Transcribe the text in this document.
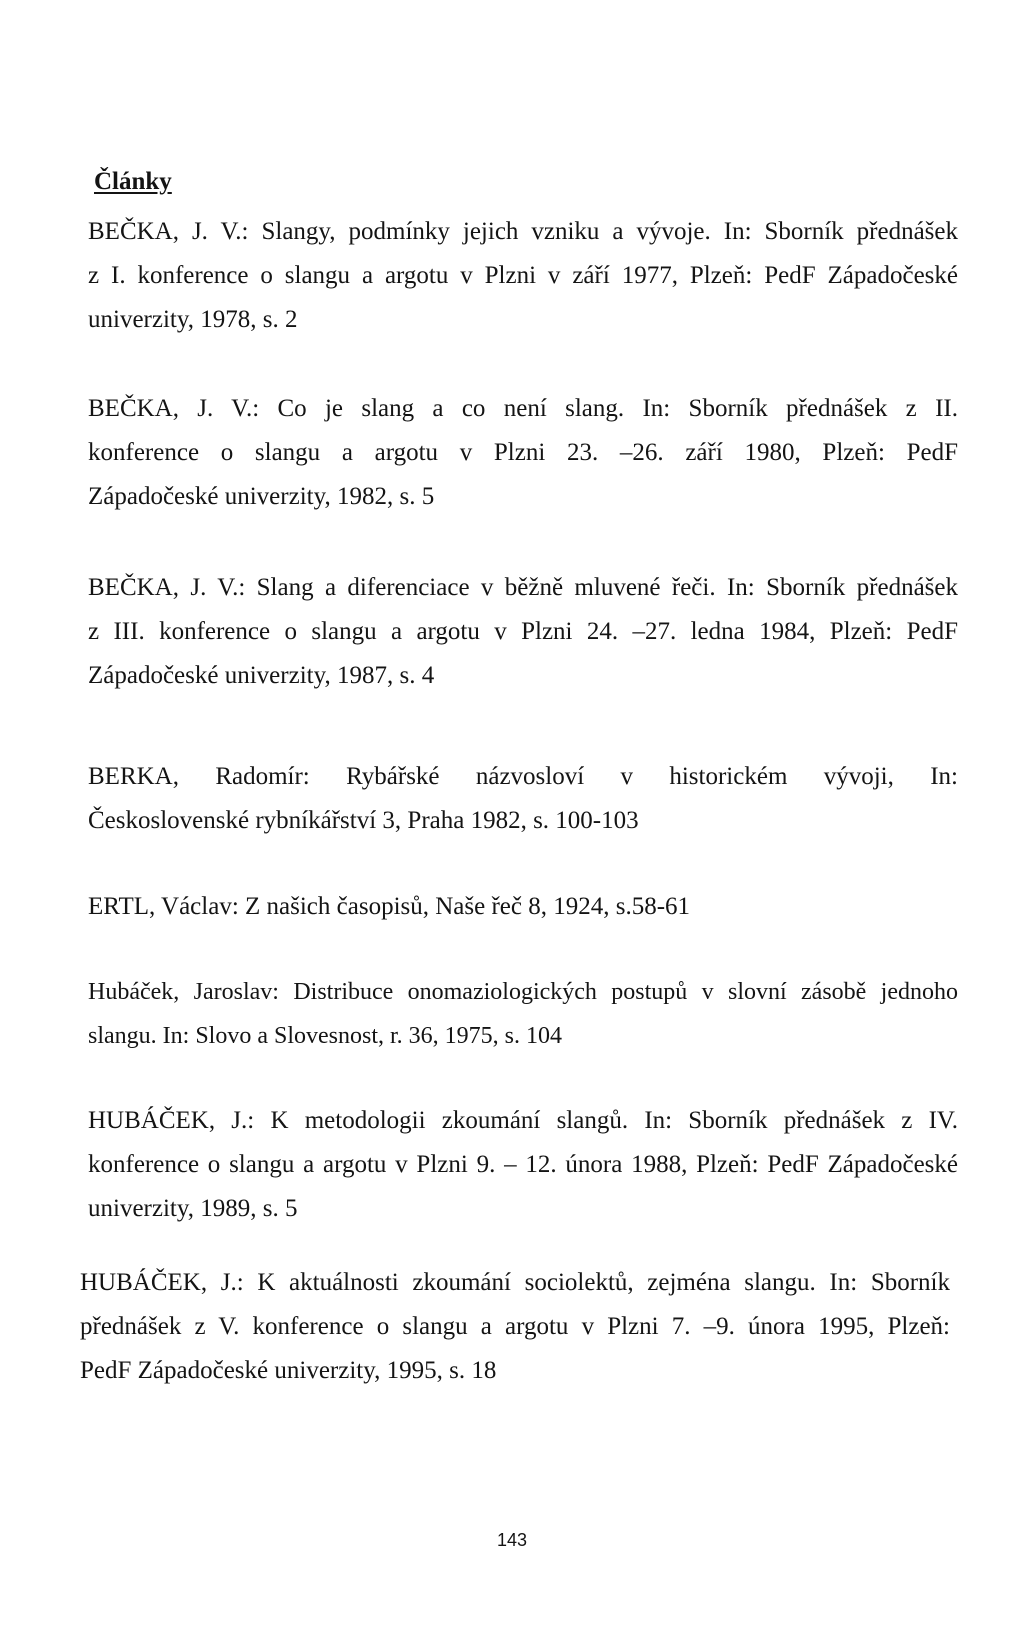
Články

BEČKA, J. V.: Slangy, podmínky jejich vzniku a vývoje. In: Sborník přednášek
z I. konference o slangu a argotu v Plzni v září 1977, Plzeň: PedF Západočeské
univerzity, 1978, s. 2

BEČKA, J. V.: Co je slang a co není slang. In: Sborník přednášek z II.
konference o slangu a argotu v Plzni 23. –26. září 1980, Plzeň: PedF
Západočeské univerzity, 1982, s. 5

BEČKA, J. V.: Slang a diferenciace v běžně mluvené řeči. In: Sborník přednášek
z III. konference o slangu a argotu v Plzni 24. –27. ledna 1984, Plzeň: PedF
Západočeské univerzity, 1987, s. 4

BERKA, Radomír: Rybářské názvosloví v historickém vývoji, In:
Československé rybníkářství 3, Praha 1982, s. 100-103

ERTL, Václav: Z našich časopisů, Naše řeč 8, 1924, s.58-61

Hubáček, Jaroslav: Distribuce onomaziologických postupů v slovní zásobě jednoho
slangu. In: Slovo a Slovesnost, r. 36, 1975, s. 104

HUBÁČEK, J.: K metodologii zkoumání slangů. In: Sborník přednášek z IV.
konference o slangu a argotu v Plzni 9. – 12. února 1988, Plzeň: PedF Západočeské
univerzity, 1989, s. 5

HUBÁČEK, J.: K aktuálnosti zkoumání sociolektů, zejména slangu. In: Sborník
přednášek z V. konference o slangu a argotu v Plzni 7. –9. února 1995, Plzeň:
PedF Západočeské univerzity, 1995, s. 18

143
